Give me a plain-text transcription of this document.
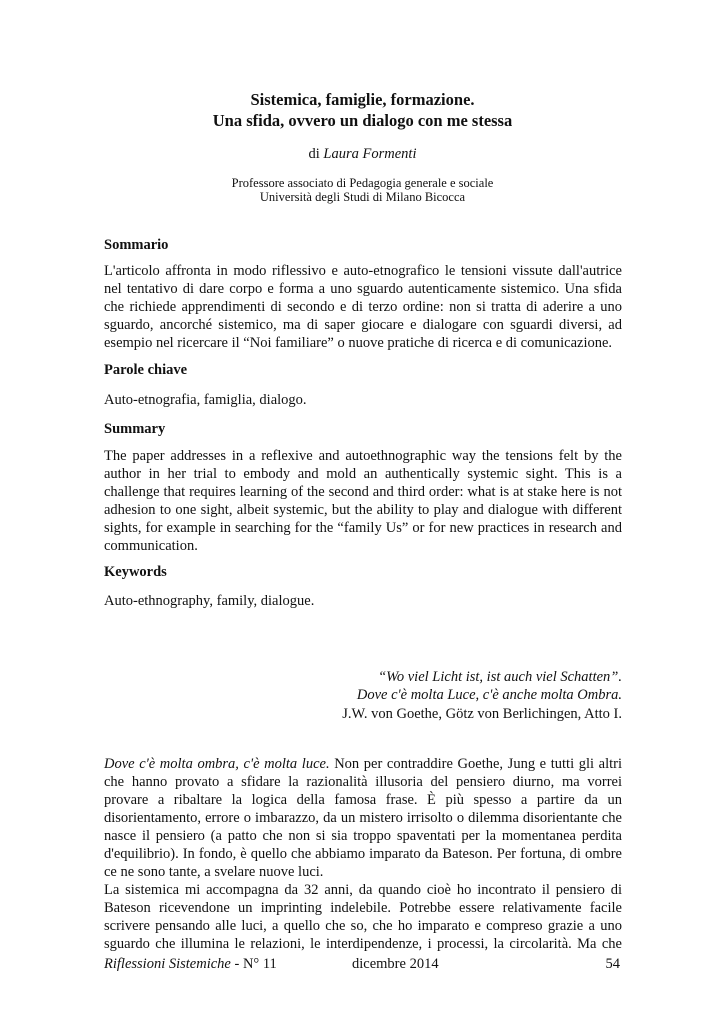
Sistemica, famiglie, formazione.
Una sfida, ovvero un dialogo con me stessa
di Laura Formenti
Professore associato di Pedagogia generale e sociale
Università degli Studi di Milano Bicocca
Sommario
L'articolo affronta in modo riflessivo e auto-etnografico le tensioni vissute dall'autrice
nel tentativo di dare corpo e forma a uno sguardo autenticamente sistemico. Una sfida
che richiede apprendimenti di secondo e di terzo ordine: non si tratta di aderire a uno
sguardo, ancorché sistemico, ma di saper giocare e dialogare con sguardi diversi, ad
esempio nel ricercare il “Noi familiare” o nuove pratiche di ricerca e di comunicazione.
Parole chiave
Auto-etnografia, famiglia, dialogo.
Summary
The paper addresses in a reflexive and autoethnographic way the tensions felt by the
author in her trial to embody and mold an authentically systemic sight. This is a
challenge that requires learning of the second and third order: what is at stake here is not
adhesion to one sight, albeit systemic, but the ability to play and dialogue with different
sights, for example in searching for the “family Us” or for new practices in research and
communication.
Keywords
Auto-ethnography, family, dialogue.
“Wo viel Licht ist, ist auch viel Schatten”.
Dove c'è molta Luce, c'è anche molta Ombra.
J.W. von Goethe, Götz von Berlichingen, Atto I.
Dove c'è molta ombra, c'è molta luce. Non per contraddire Goethe, Jung e tutti gli altri
che hanno provato a sfidare la razionalità illusoria del pensiero diurno, ma vorrei
provare a ribaltare la logica della famosa frase. È più spesso a partire da un
disorientamento, errore o imbarazzo, da un mistero irrisolto o dilemma disorientante che
nasce il pensiero (a patto che non si sia troppo spaventati per la momentanea perdita
d'equilibrio). In fondo, è quello che abbiamo imparato da Bateson. Per fortuna, di ombre
ce ne sono tante, a svelare nuove luci.
La sistemica mi accompagna da 32 anni, da quando cioè ho incontrato il pensiero di
Bateson ricevendone un imprinting indelebile. Potrebbe essere relativamente facile
scrivere pensando alle luci, a quello che so, che ho imparato e compreso grazie a uno
sguardo che illumina le relazioni, le interdipendenze, i processi, la circolarità. Ma che
Riflessioni Sistemiche - N° 11	dicembre 2014	54
